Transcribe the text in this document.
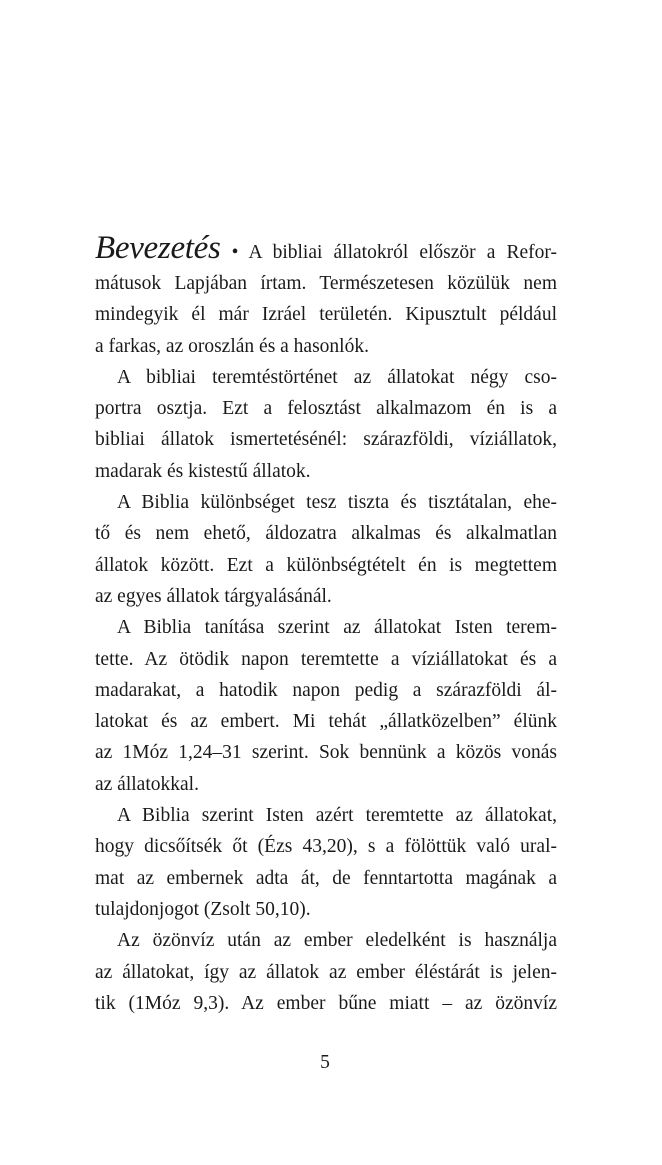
Bevezetés • A bibliai állatokról először a Refor-
mátusok Lapjában írtam. Természetesen közülük nem
mindegyik él már Izráel területén. Kipusztult például
a farkas, az oroszlán és a hasonlók.
A bibliai teremtéstörténet az állatokat négy cso-
portra osztja. Ezt a felosztást alkalmazom én is a
bibliai állatok ismertetésénél: szárazföldi, víziállatok,
madarak és kistestű állatok.
A Biblia különbséget tesz tiszta és tisztátalan, ehe-
tő és nem ehető, áldozatra alkalmas és alkalmatlan
állatok között. Ezt a különbségtételt én is megtettem
az egyes állatok tárgyalásánál.
A Biblia tanítása szerint az állatokat Isten terem-
tette. Az ötödik napon teremtette a víziállatokat és a
madarakat, a hatodik napon pedig a szárazföldi ál-
latokat és az embert. Mi tehát „állatközelben” élünk
az 1Móz 1,24–31 szerint. Sok bennünk a közös vonás
az állatokkal.
A Biblia szerint Isten azért teremtette az állatokat,
hogy dicsőítsék őt (Ézs 43,20), s a fölöttük való ural-
mat az embernek adta át, de fenntartotta magának a
tulajdonjogot (Zsolt 50,10).
Az özönvíz után az ember eledelként is használja
az állatokat, így az állatok az ember éléstárát is jelen-
tik (1Móz 9,3). Az ember bűne miatt – az özönvíz
5
